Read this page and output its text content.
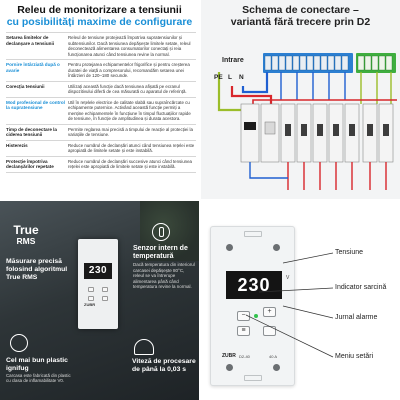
Releu de monitorizare a tensiunii
cu posibilități maxime de configurare
Setarea limitelor de declanșare a tensiunii
Releul de tensiune protejează împotriva supratensiunilor și subtensiunilor. Dacă tensiunea depășește limitele setate, releul deconectează alimentarea consumatorilor conectați și reia funcționarea atunci când tensiunea revine la normal.
Pornire întârziată după o avarie
Pentru protejarea echipamentelor frigorifice și pentru creșterea duratei de viață a compresorului, recomandăm setarea unei întârzieri de 120–180 secunde.
Corecția tensiunii	Utilizați această funcție dacă tensiunea afișată pe ecranul dispozitivului diferă de cea măsurată cu aparatul de referință.
Mod profesional de control la supratensiune
Util în rețelele electrice de calitate slabă sau supraîncărcate cu echipamente puternice. Activând această funcție permiți a menține echipamentele în funcțiune în timpul fluctuațiilor rapide de tensiune, în funcție de amplitudinea și durata acestora.
Timp de deconectare la ciderea tensiunii
Permite reglarea mai precisă a timpului de reacție al protecției la variațiile de tensiune.
Histerezis	Reduce numărul de declanșări atunci când tensiunea rețelei este apropiată de limitele setate și este instabilă.
Protecție împotriva declanșărilor repetate
Reduce numărul de declanșări succesive atunci când tensiunea rețelei este apropiată de limitele setate și este instabilă.
Schema de conectare –
variantă fără trecere prin D2
Intrare
PE L N
True
RMS
Măsurare precisă folosind algoritmul True RMS
230
ZUBR
Senzor intern de temperatură
Dacă temperatura din interiorul carcasei depășește 80°C, releul se va întrerupe alimentarea până când temperatura revine la normal.
Cel mai bun plastic ignifug
Carcasa este fabricată din plastic cu clasa de inflamabilitate V0.
Viteză de procesare de până la 0,03 s
230	V
−
+
≡
ZUBR D2-40	40 A
Tensiune
Indicator sarcină
Jurnal alarme
Meniu setări
